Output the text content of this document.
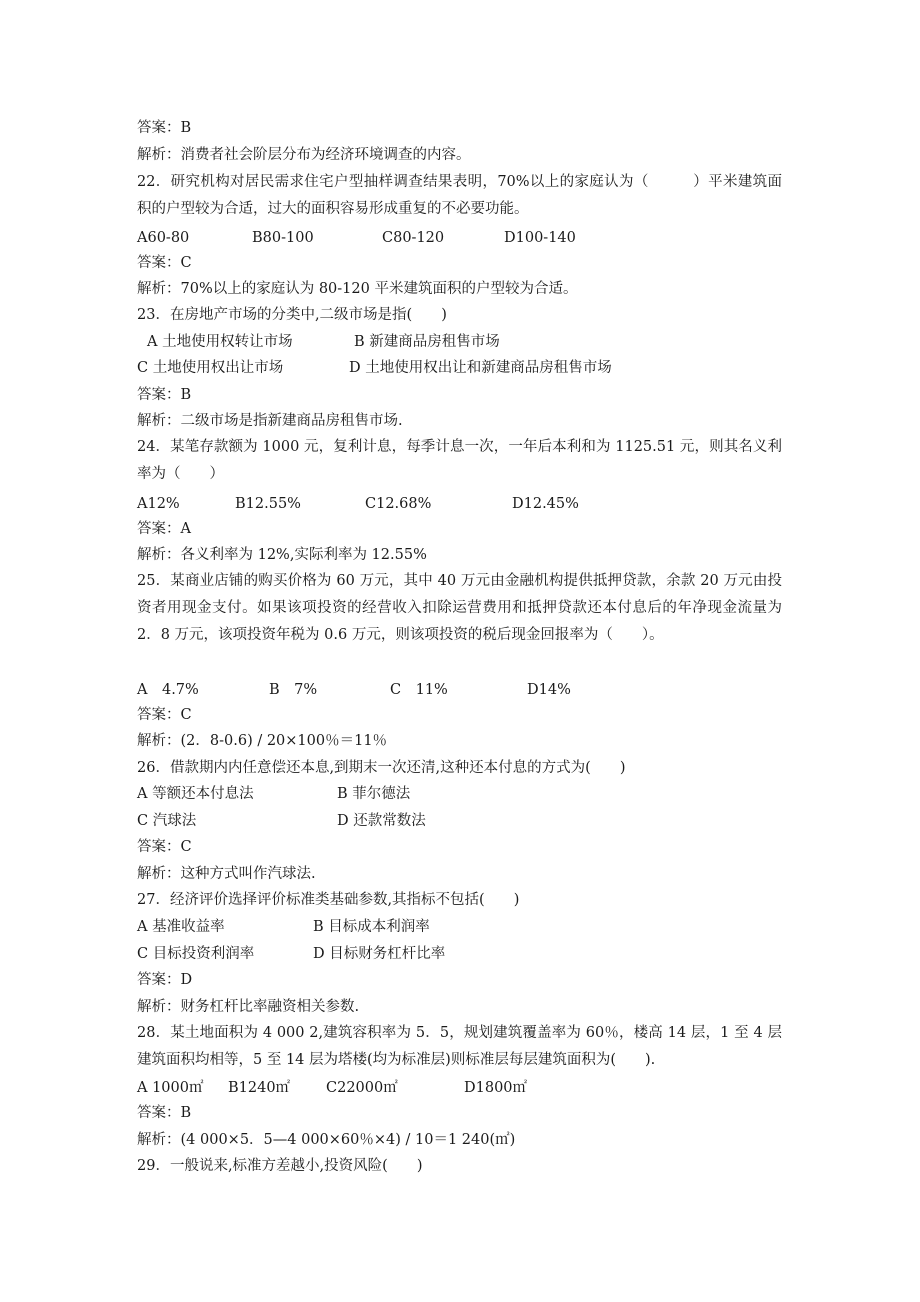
答案：B
解析：消费者社会阶层分布为经济环境调查的内容。
22．研究机构对居民需求住宅户型抽样调查结果表明，70%以上的家庭认为（　　　）平米建筑面积的户型较为合适，过大的面积容易形成重复的不必要功能。
A60-80	B80-100	C80-120	D100-140
答案：C
解析：70%以上的家庭认为 80-120 平米建筑面积的户型较为合适。
23．在房地产市场的分类中,二级市场是指(　　)
A 土地使用权转让市场	B 新建商品房租售市场
C 土地使用权出让市场	D 土地使用权出让和新建商品房租售市场
答案：B
解析：二级市场是指新建商品房租售市场.
24．某笔存款额为 1000 元，复利计息，每季计息一次，一年后本利和为 1125.51 元，则其名义利率为（　　）
A12%	B12.55%	C12.68%	D12.45%
答案：A
解析：各义利率为 12%,实际利率为 12.55%
25．某商业店铺的购买价格为 60 万元，其中 40 万元由金融机构提供抵押贷款，余款 20 万元由投资者用现金支付。如果该项投资的经营收入扣除运营费用和抵押贷款还本付息后的年净现金流量为 2．8 万元，该项投资年税为 0.6 万元，则该项投资的税后现金回报率为（　　）。
A　4.7%	B　7%	C　11%	D14%
答案：C
解析：(2．8-0.6) / 20×100％＝11％
26．借款期内内任意偿还本息,到期末一次还清,这种还本付息的方式为(　　)
A 等额还本付息法	B 菲尔德法
C 汽球法	D 还款常数法
答案：C
解析：这种方式叫作汽球法.
27．经济评价选择评价标准类基础参数,其指标不包括(　　)
A 基准收益率	B 目标成本利润率
C 目标投资利润率	D 目标财务杠杆比率
答案：D
解析：财务杠杆比率融资相关参数.
28．某土地面积为 4 000 2,建筑容积率为 5．5，规划建筑覆盖率为 60％，楼高 14 层，1 至 4 层建筑面积均相等，5 至 14 层为塔楼(均为标准层)则标准层每层建筑面积为(　　).
A 1000㎡ B1240㎡ C22000㎡	D1800㎡
答案：B
解析：(4 000×5．5—4 000×60％×4) / 10＝1 240(㎡)
29．一般说来,标准方差越小,投资风险(　　)
